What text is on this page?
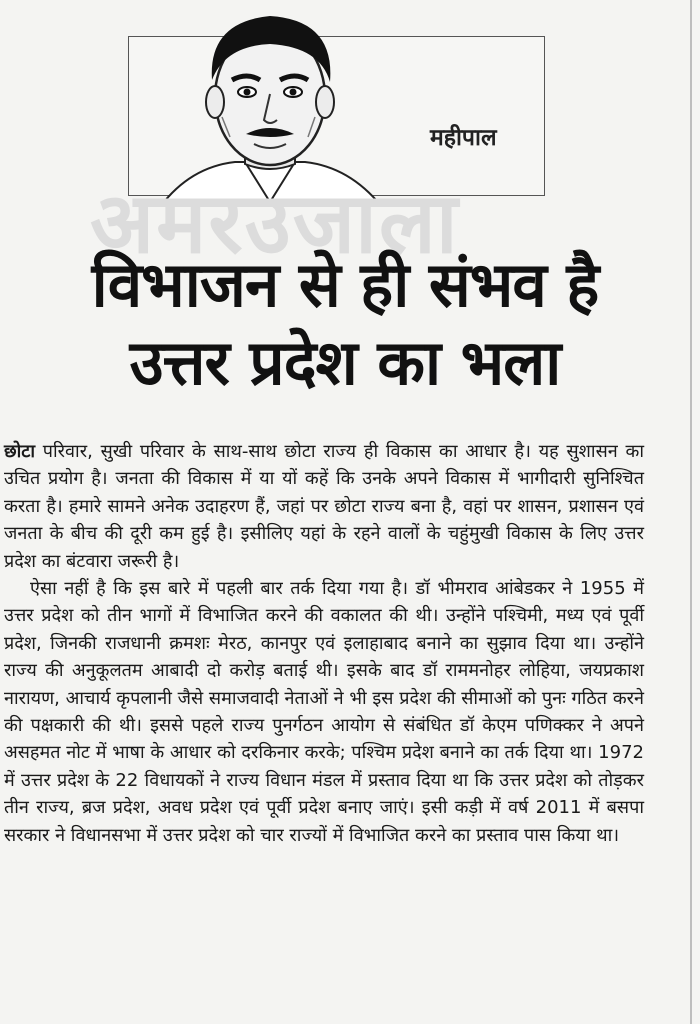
महीपाल
अमरउजाला
विभाजन से ही संभव है
उत्तर प्रदेश का भला

छोटा परिवार, सुखी परिवार के साथ-साथ छोटा राज्य ही विकास का आधार है। यह सुशासन का उचित प्रयोग है। जनता की विकास में या यों कहें कि उनके अपने विकास में भागीदारी सुनिश्चित करता है। हमारे सामने अनेक उदाहरण हैं, जहां पर छोटा राज्य बना है, वहां पर शासन, प्रशासन एवं जनता के बीच की दूरी कम हुई है। इसीलिए यहां के रहने वालों के चहुंमुखी विकास के लिए उत्तर प्रदेश का बंटवारा जरूरी है।

ऐसा नहीं है कि इस बारे में पहली बार तर्क दिया गया है। डॉ भीमराव आंबेडकर ने 1955 में उत्तर प्रदेश को तीन भागों में विभाजित करने की वकालत की थी। उन्होंने पश्चिमी, मध्य एवं पूर्वी प्रदेश, जिनकी राजधानी क्रमशः मेरठ, कानपुर एवं इलाहाबाद बनाने का सुझाव दिया था। उन्होंने राज्य की अनुकूलतम आबादी दो करोड़ बताई थी। इसके बाद डॉ राममनोहर लोहिया, जयप्रकाश नारायण, आचार्य कृपलानी जैसे समाजवादी नेताओं ने भी इस प्रदेश की सीमाओं को पुनः गठित करने की पक्षकारी की थी। इससे पहले राज्य पुनर्गठन आयोग से संबंधित डॉ केएम पणिक्कर ने अपने असहमत नोट में भाषा के आधार को दरकिनार करके; पश्चिम प्रदेश बनाने का तर्क दिया था। 1972 में उत्तर प्रदेश के 22 विधायकों ने राज्य विधान मंडल में प्रस्ताव दिया था कि उत्तर प्रदेश को तोड़कर तीन राज्य, ब्रज प्रदेश, अवध प्रदेश एवं पूर्वी प्रदेश बनाए जाएं। इसी कड़ी में वर्ष 2011 में बसपा सरकार ने विधानसभा में उत्तर प्रदेश को चार राज्यों में विभाजित करने का प्रस्ताव पास किया था।
